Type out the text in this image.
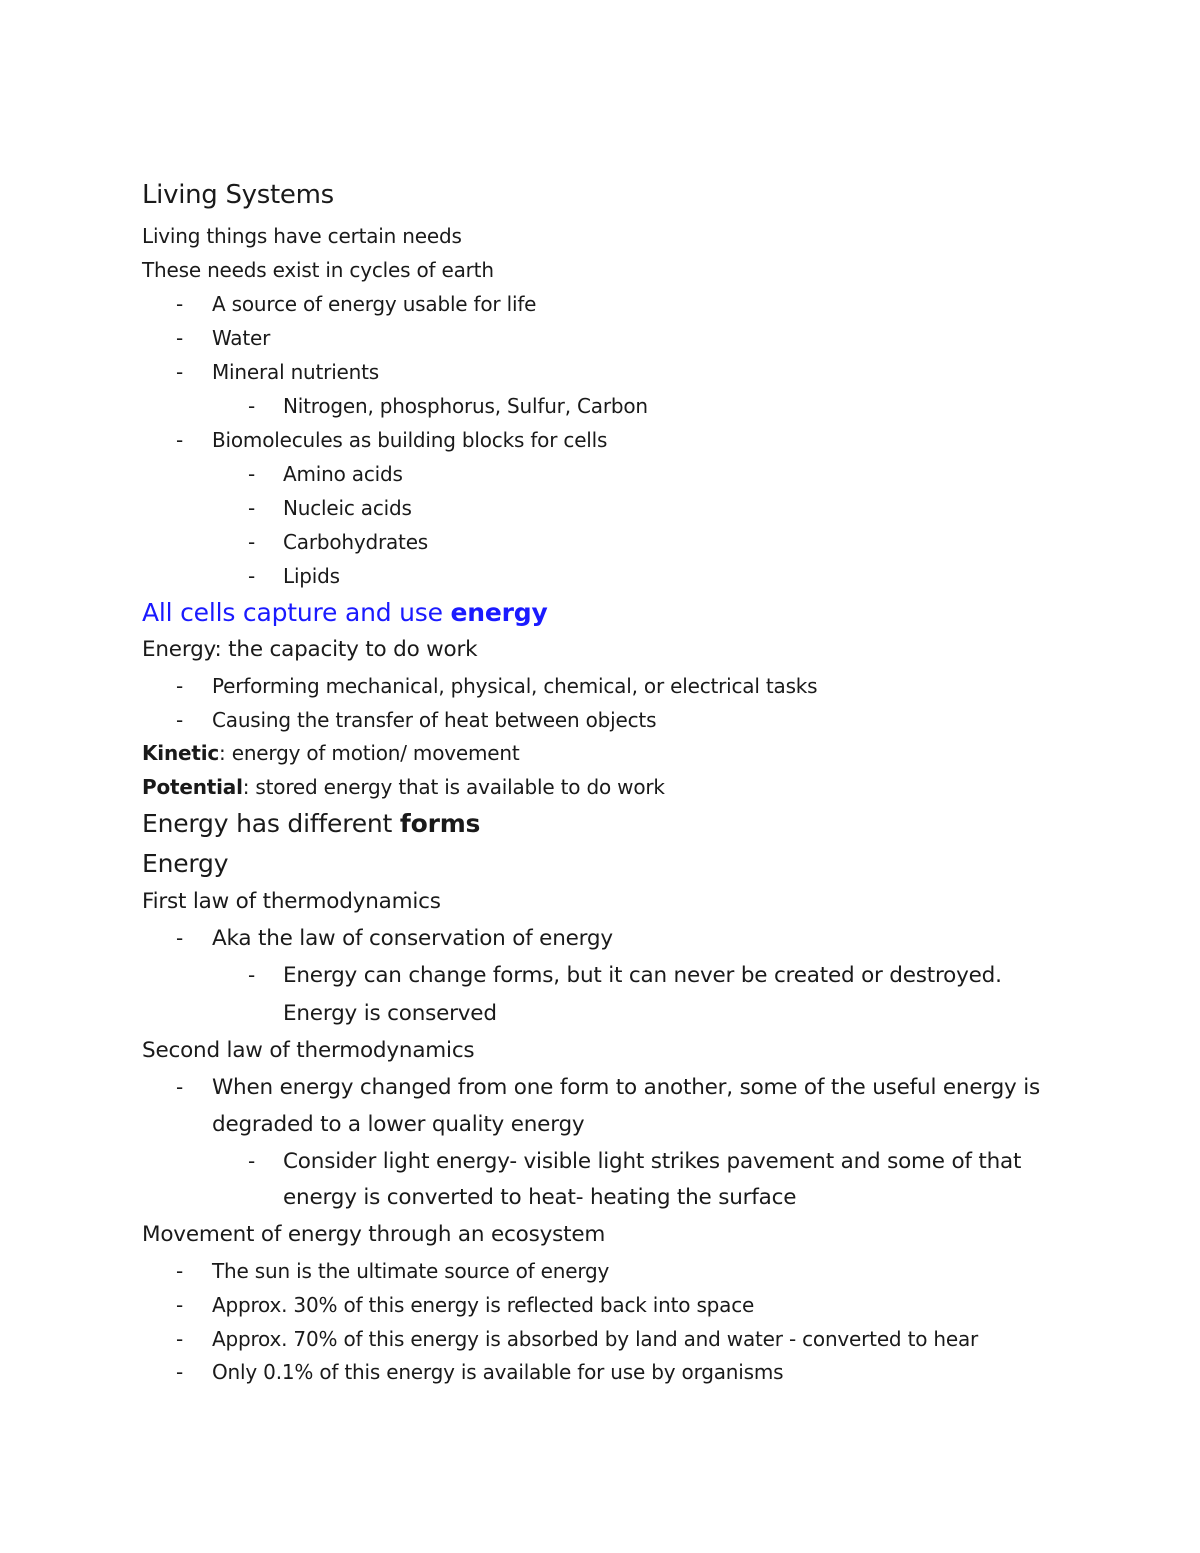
Living Systems
Living things have certain needs
These needs exist in cycles of earth
- A source of energy usable for life
- Water
- Mineral nutrients
- Nitrogen, phosphorus, Sulfur, Carbon
- Biomolecules as building blocks for cells
- Amino acids
- Nucleic acids
- Carbohydrates
- Lipids
All cells capture and use energy
Energy: the capacity to do work
- Performing mechanical, physical, chemical, or electrical tasks
- Causing the transfer of heat between objects
Kinetic: energy of motion/ movement
Potential: stored energy that is available to do work
Energy has different forms
Energy
First law of thermodynamics
- Aka the law of conservation of energy
- Energy can change forms, but it can never be created or destroyed.
Energy is conserved
Second law of thermodynamics
- When energy changed from one form to another, some of the useful energy is
degraded to a lower quality energy
- Consider light energy- visible light strikes pavement and some of that
energy is converted to heat- heating the surface
Movement of energy through an ecosystem
- The sun is the ultimate source of energy
- Approx. 30% of this energy is reflected back into space
- Approx. 70% of this energy is absorbed by land and water - converted to hear
- Only 0.1% of this energy is available for use by organisms
